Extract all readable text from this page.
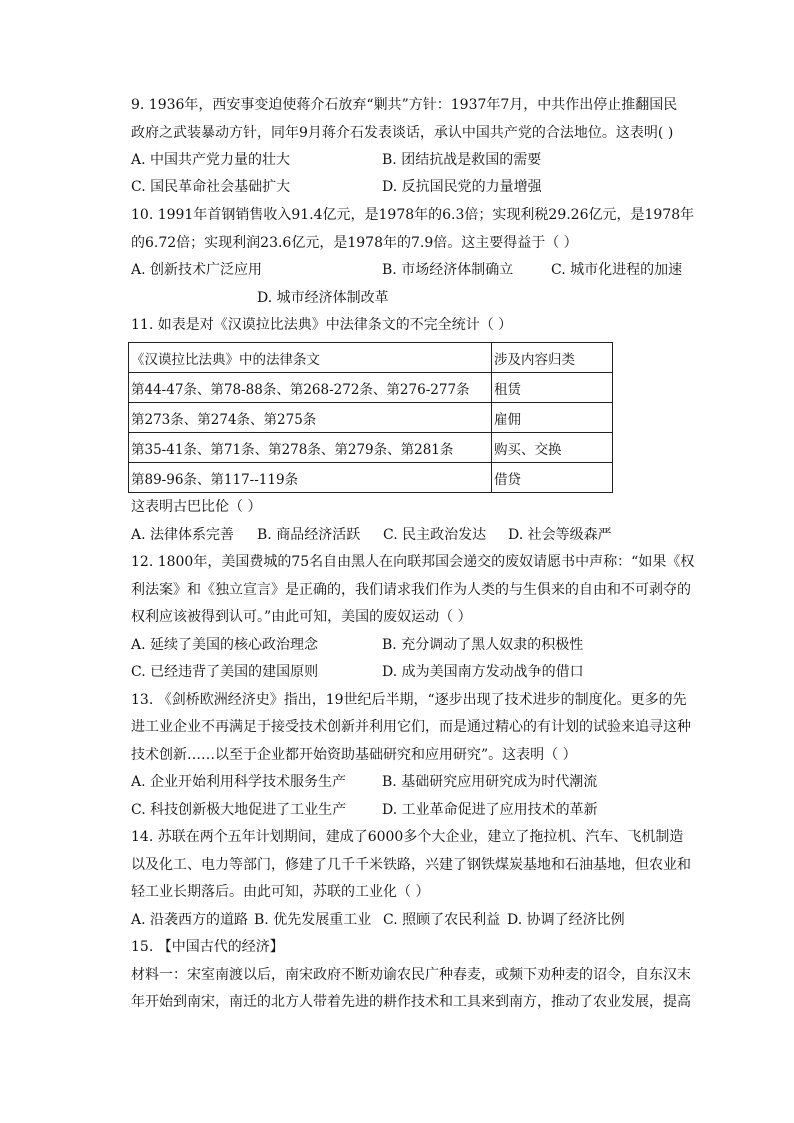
9. 1936年，西安事变迫使蒋介石放弃“剿共”方针：1937年7月，中共作出停止推翻国民
政府之武装暴动方针，同年9月蒋介石发表谈话，承认中国共产党的合法地位。这表明( )
A. 中国共产党力量的壮大	B. 团结抗战是救国的需要
C. 国民革命社会基础扩大	D. 反抗国民党的力量增强
10. 1991年首钢销售收入91.4亿元，是1978年的6.3倍；实现利税29.26亿元，是1978年
的6.72倍；实现利润23.6亿元，是1978年的7.9倍。这主要得益于（ ）
A. 创新技术广泛应用	B. 市场经济体制确立	C. 城市化进程的加速
D. 城市经济体制改革
11. 如表是对《汉谟拉比法典》中法律条文的不完全统计（ ）
《汉谟拉比法典》中的法律条文	涉及内容归类
第44-47条、第78-88条、第268-272条、第276-277条	租赁
第273条、第274条、第275条	雇佣
第35-41条、第71条、第278条、第279条、第281条	购买、交换
第89-96条、第117--119条	借贷
这表明古巴比伦（ ）
A. 法律体系完善 B. 商品经济活跃 C. 民主政治发达 D. 社会等级森严
12. 1800年，美国费城的75名自由黑人在向联邦国会递交的废奴请愿书中声称：“如果《权
利法案》和《独立宣言》是正确的，我们请求我们作为人类的与生俱来的自由和不可剥夺的
权利应该被得到认可。”由此可知，美国的废奴运动（ ）
A. 延续了美国的核心政治理念	B. 充分调动了黑人奴隶的积极性
C. 已经违背了美国的建国原则	D. 成为美国南方发动战争的借口
13. 《剑桥欧洲经济史》指出，19世纪后半期，“逐步出现了技术进步的制度化。更多的先
进工业企业不再满足于接受技术创新并利用它们，而是通过精心的有计划的试验来追寻这种
技术创新……以至于企业都开始资助基础研究和应用研究”。这表明（ ）
A. 企业开始利用科学技术服务生产	B. 基础研究应用研究成为时代潮流
C. 科技创新极大地促进了工业生产	D. 工业革命促进了应用技术的革新
14. 苏联在两个五年计划期间，建成了6000多个大企业，建立了拖拉机、汽车、飞机制造
以及化工、电力等部门，修建了几千千米铁路，兴建了钢铁煤炭基地和石油基地，但农业和
轻工业长期落后。由此可知，苏联的工业化（ ）
A. 沿袭西方的道路 B. 优先发展重工业 C. 照顾了农民利益 D. 协调了经济比例
15. 【中国古代的经济】
材料一：宋室南渡以后，南宋政府不断劝谕农民广种春麦，或频下劝种麦的诏令，自东汉末
年开始到南宋，南迁的北方人带着先进的耕作技术和工具来到南方，推动了农业发展，提高
